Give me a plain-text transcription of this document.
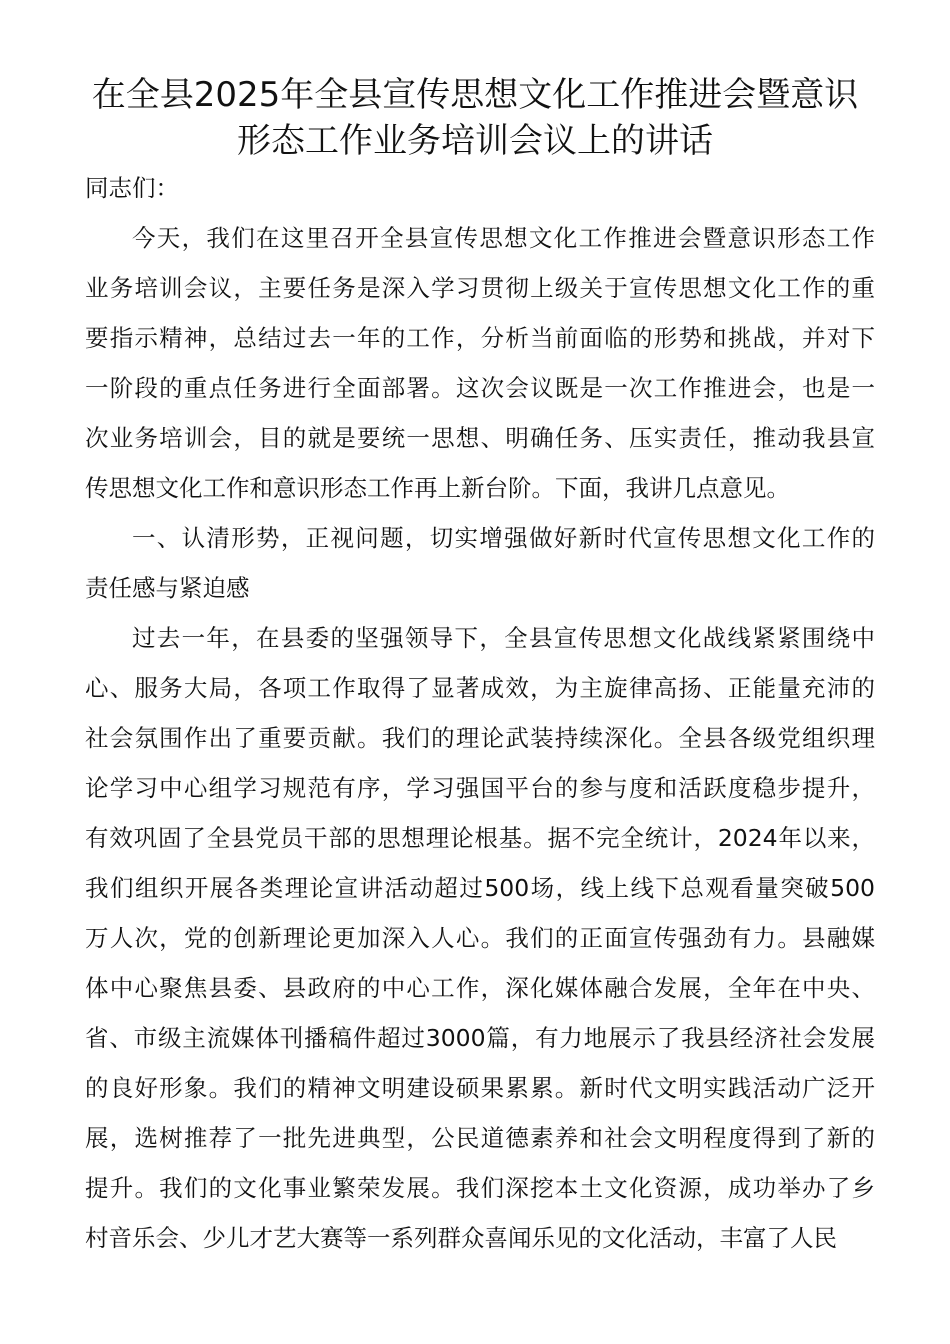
在全县2025年全县宣传思想文化工作推进会暨意识
形态工作业务培训会议上的讲话
同志们：
今天，我们在这里召开全县宣传思想文化工作推进会暨意识形态工作
业务培训会议，主要任务是深入学习贯彻上级关于宣传思想文化工作的重
要指示精神，总结过去一年的工作，分析当前面临的形势和挑战，并对下
一阶段的重点任务进行全面部署。这次会议既是一次工作推进会，也是一
次业务培训会，目的就是要统一思想、明确任务、压实责任，推动我县宣
传思想文化工作和意识形态工作再上新台阶。下面，我讲几点意见。
一、认清形势，正视问题，切实增强做好新时代宣传思想文化工作的
责任感与紧迫感
过去一年，在县委的坚强领导下，全县宣传思想文化战线紧紧围绕中
心、服务大局，各项工作取得了显著成效，为主旋律高扬、正能量充沛的
社会氛围作出了重要贡献。我们的理论武装持续深化。全县各级党组织理
论学习中心组学习规范有序，学习强国平台的参与度和活跃度稳步提升，
有效巩固了全县党员干部的思想理论根基。据不完全统计，2024年以来，
我们组织开展各类理论宣讲活动超过500场，线上线下总观看量突破500
万人次，党的创新理论更加深入人心。我们的正面宣传强劲有力。县融媒
体中心聚焦县委、县政府的中心工作，深化媒体融合发展，全年在中央、
省、市级主流媒体刊播稿件超过3000篇，有力地展示了我县经济社会发展
的良好形象。我们的精神文明建设硕果累累。新时代文明实践活动广泛开
展，选树推荐了一批先进典型，公民道德素养和社会文明程度得到了新的
提升。我们的文化事业繁荣发展。我们深挖本土文化资源，成功举办了乡
村音乐会、少儿才艺大赛等一系列群众喜闻乐见的文化活动，丰富了人民
